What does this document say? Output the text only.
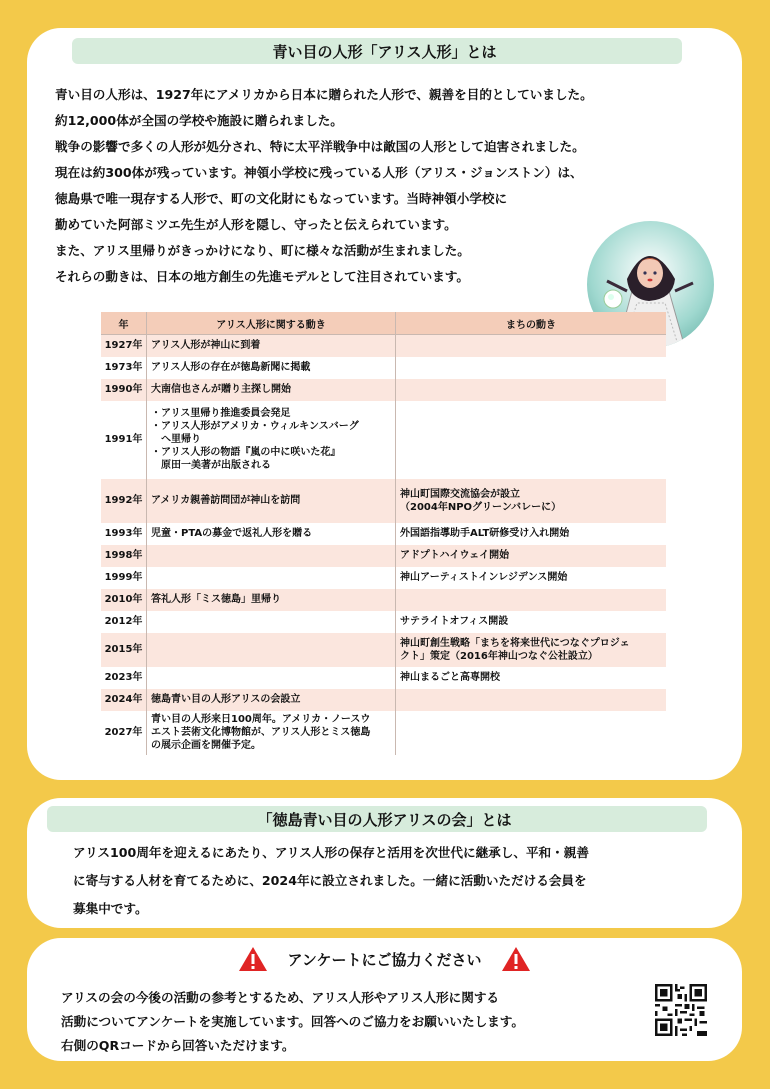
青い目の人形「アリス人形」とは

青い目の人形は、1927年にアメリカから日本に贈られた人形で、親善を目的としていました。

約12,000体が全国の学校や施設に贈られました。

戦争の影響で多くの人形が処分され、特に太平洋戦争中は敵国の人形として迫害されました。

現在は約300体が残っています。神領小学校に残っている人形（アリス・ジョンストン）は、

徳島県で唯一現存する人形で、町の文化財にもなっています。当時神領小学校に

勤めていた阿部ミツエ先生が人形を隠し、守ったと伝えられています。

また、アリス里帰りがきっかけになり、町に様々な活動が生まれました。

それらの動きは、日本の地方創生の先進モデルとして注目されています。

年	アリス人形に関する動き	まちの動き
1927年	アリス人形が神山に到着	
1973年	アリス人形の存在が徳島新聞に掲載	
1990年	大南信也さんが贈り主探し開始	
1991年	・アリス里帰り推進委員会発足
・アリス人形がアメリカ・ウィルキンスバーグ
　へ里帰り
・アリス人形の物語『嵐の中に咲いた花』
　原田一美著が出版される	
1992年	アメリカ親善訪問団が神山を訪問	神山町国際交流協会が設立
（2004年NPOグリーンバレーに）
1993年	児童・PTAの募金で返礼人形を贈る	外国語指導助手ALT研修受け入れ開始
1998年		アドプトハイウェイ開始
1999年		神山アーティストインレジデンス開始
2010年	答礼人形「ミス徳島」里帰り	
2012年		サテライトオフィス開設
2015年		神山町創生戦略「まちを将来世代につなぐプロジェ
クト」策定（2016年神山つなぐ公社設立）
2023年		神山まるごと高専開校
2024年	徳島青い目の人形アリスの会設立	
2027年	青い目の人形来日100周年。アメリカ・ノースウ
エスト芸術文化博物館が、アリス人形とミス徳島
の展示企画を開催予定。	
「徳島青い目の人形アリスの会」とは

アリス100周年を迎えるにあたり、アリス人形の保存と活用を次世代に継承し、平和・親善

に寄与する人材を育てるために、2024年に設立されました。一緒に活動いただける会員を

募集中です。

アンケートにご協力ください

アリスの会の今後の活動の参考とするため、アリス人形やアリス人形に関する

活動についてアンケートを実施しています。回答へのご協力をお願いいたします。

右側のQRコードから回答いただけます。
